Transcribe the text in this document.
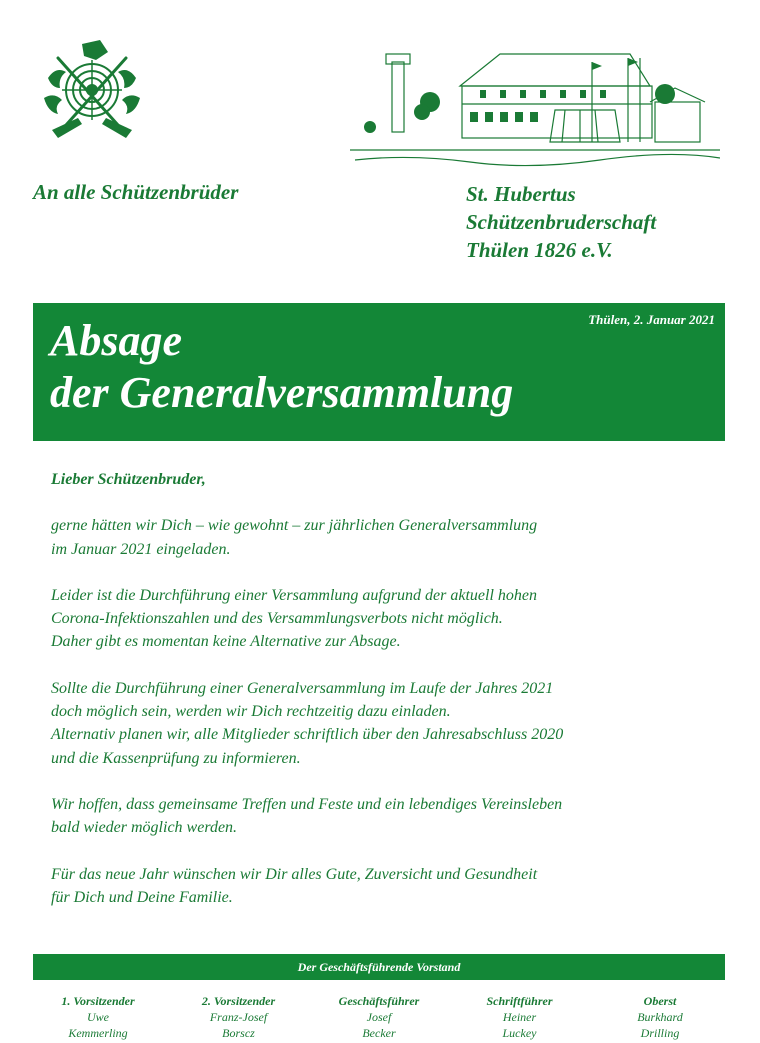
An alle Schützenbrüder	St. Hubertus
Schützenbruderschaft
Thülen 1826 e.V.
Thülen, 2. Januar 2021
Absage
der Generalversammlung

Lieber Schützenbruder,

gerne hätten wir Dich – wie gewohnt – zur jährlichen Generalversammlung
im Januar 2021 eingeladen.

Leider ist die Durchführung einer Versammlung aufgrund der aktuell hohen
Corona-Infektionszahlen und des Versammlungsverbots nicht möglich.
Daher gibt es momentan keine Alternative zur Absage.

Sollte die Durchführung einer Generalversammlung im Laufe der Jahres 2021
doch möglich sein, werden wir Dich rechtzeitig dazu einladen.
Alternativ planen wir, alle Mitglieder schriftlich über den Jahresabschluss 2020
und die Kassenprüfung zu informieren.

Wir hoffen, dass gemeinsame Treffen und Feste und ein lebendiges Vereinsleben
bald wieder möglich werden.

Für das neue Jahr wünschen wir Dir alles Gute, Zuversicht und Gesundheit
für Dich und Deine Familie.

Der Geschäftsführende Vorstand
1. Vorsitzender
Uwe
Kemmerling
2. Vorsitzender
Franz-Josef
Borscz
Geschäftsführer
Josef
Becker
Schriftführer
Heiner
Luckey
Oberst
Burkhard
Drilling
